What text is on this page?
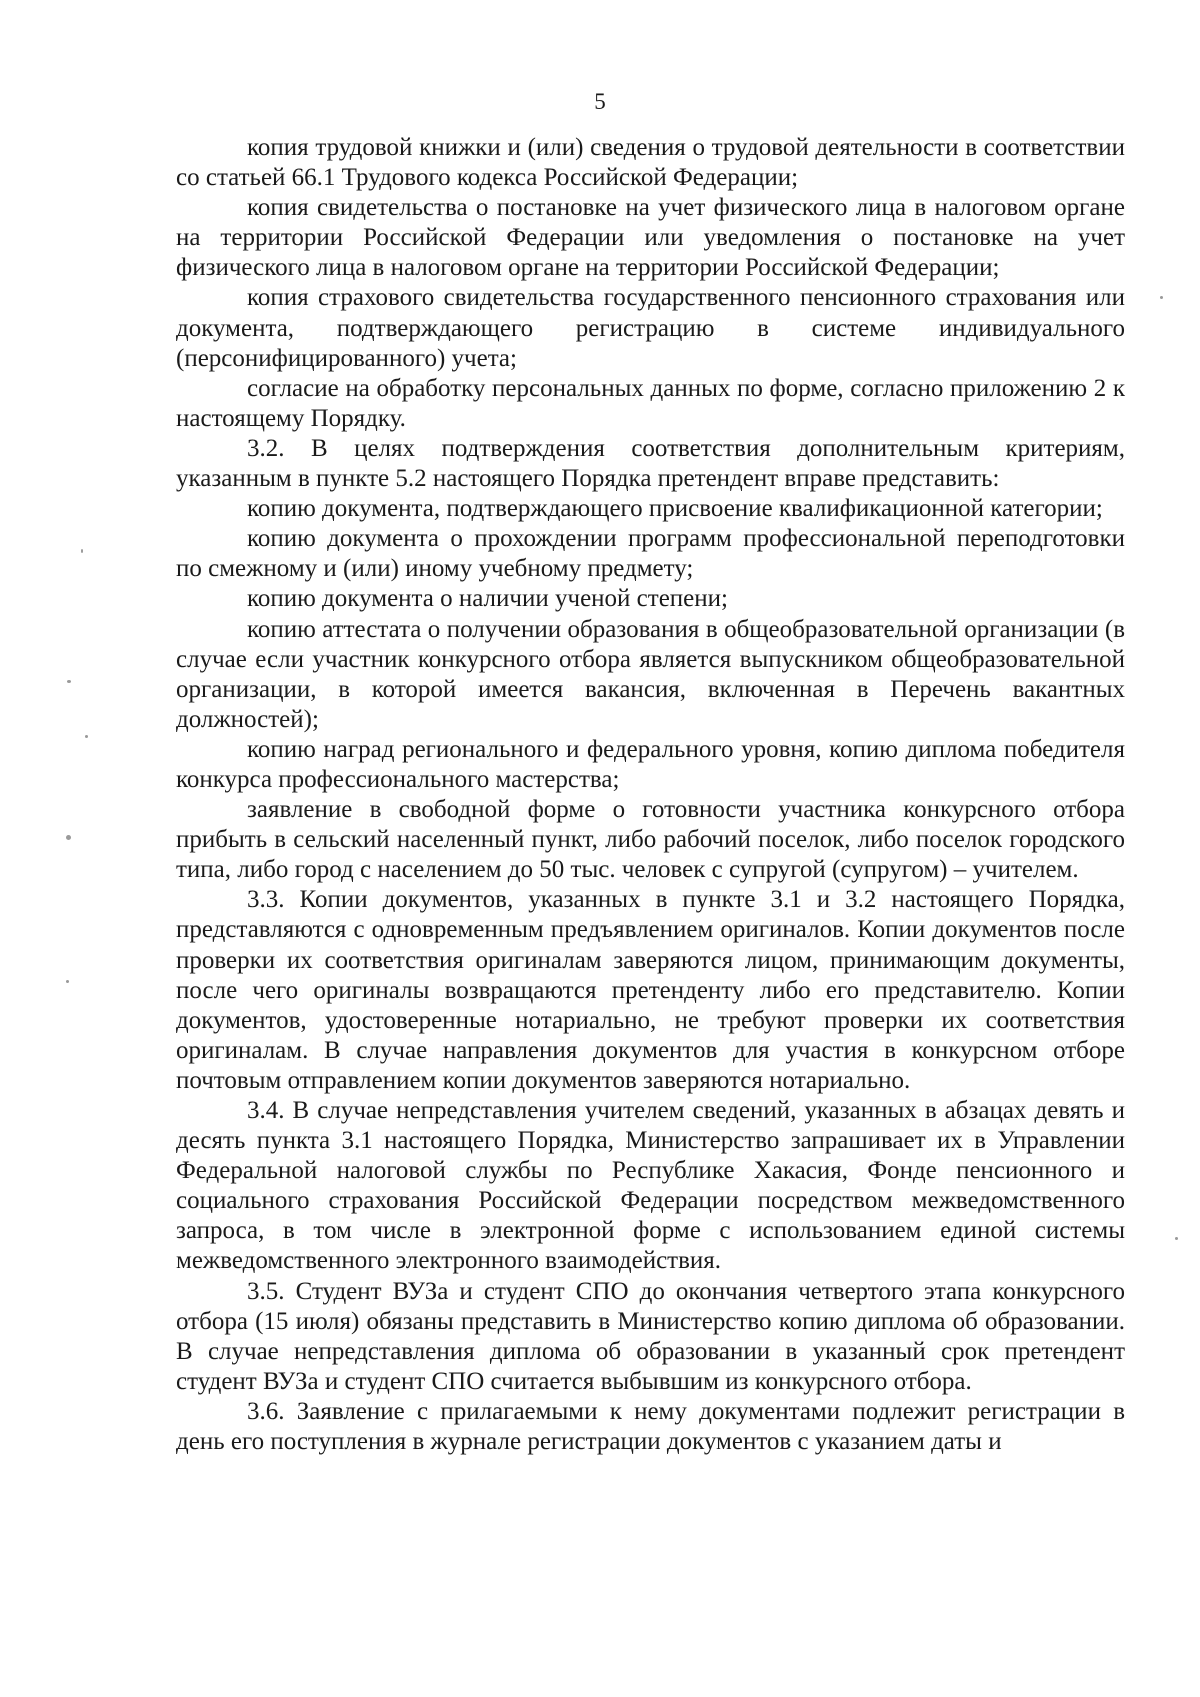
5

копия трудовой книжки и (или) сведения о трудовой деятельности в соответствии со статьей 66.1 Трудового кодекса Российской Федерации;

копия свидетельства о постановке на учет физического лица в налоговом органе на территории Российской Федерации или уведомления о постановке на учет физического лица в налоговом органе на территории Российской Федерации;

копия страхового свидетельства государственного пенсионного страхования или документа, подтверждающего регистрацию в системе индивидуального (персонифицированного) учета;

согласие на обработку персональных данных по форме, согласно приложению 2 к настоящему Порядку.

3.2. В целях подтверждения соответствия дополнительным критериям, указанным в пункте 5.2 настоящего Порядка претендент вправе представить:

копию документа, подтверждающего присвоение квалификационной категории;

копию документа о прохождении программ профессиональной переподготовки по смежному и (или) иному учебному предмету;

копию документа о наличии ученой степени;

копию аттестата о получении образования в общеобразовательной организации (в случае если участник конкурсного отбора является выпускником общеобразовательной организации, в которой имеется вакансия, включенная в Перечень вакантных должностей);

копию наград регионального и федерального уровня, копию диплома победителя конкурса профессионального мастерства;

заявление в свободной форме о готовности участника конкурсного отбора прибыть в сельский населенный пункт, либо рабочий поселок, либо поселок городского типа, либо город с населением до 50 тыс. человек с супругой (супругом) – учителем.

3.3. Копии документов, указанных в пункте 3.1 и 3.2 настоящего Порядка, представляются с одновременным предъявлением оригиналов. Копии документов после проверки их соответствия оригиналам заверяются лицом, принимающим документы, после чего оригиналы возвращаются претенденту либо его представителю. Копии документов, удостоверенные нотариально, не требуют проверки их соответствия оригиналам. В случае направления документов для участия в конкурсном отборе почтовым отправлением копии документов заверяются нотариально.

3.4. В случае непредставления учителем сведений, указанных в абзацах девять и десять пункта 3.1 настоящего Порядка, Министерство запрашивает их в Управлении Федеральной налоговой службы по Республике Хакасия, Фонде пенсионного и социального страхования Российской Федерации посредством межведомственного запроса, в том числе в электронной форме с использованием единой системы межведомственного электронного взаимодействия.

3.5. Студент ВУЗа и студент СПО до окончания четвертого этапа конкурсного отбора (15 июля) обязаны представить в Министерство копию диплома об образовании. В случае непредставления диплома об образовании в указанный срок претендент студент ВУЗа и студент СПО считается выбывшим из конкурсного отбора.

3.6. Заявление с прилагаемыми к нему документами подлежит регистрации в день его поступления в журнале регистрации документов с указанием даты и
